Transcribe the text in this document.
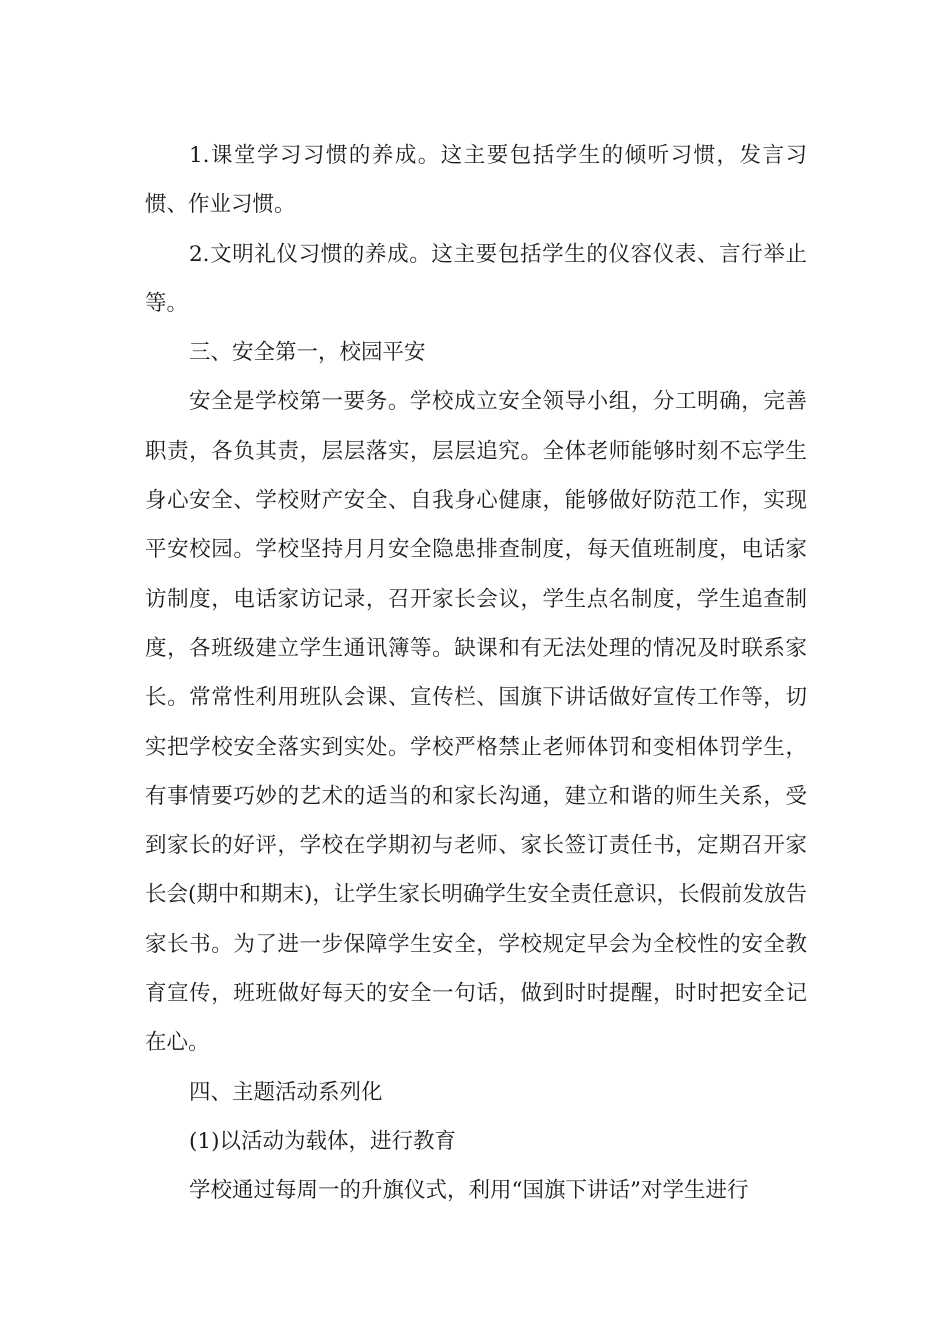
1.课堂学习习惯的养成。这主要包括学生的倾听习惯，发言习惯、作业习惯。

2.文明礼仪习惯的养成。这主要包括学生的仪容仪表、言行举止等。

三、安全第一，校园平安

安全是学校第一要务。学校成立安全领导小组，分工明确，完善职责，各负其责，层层落实，层层追究。全体老师能够时刻不忘学生身心安全、学校财产安全、自我身心健康，能够做好防范工作，实现平安校园。学校坚持月月安全隐患排查制度，每天值班制度，电话家访制度，电话家访记录，召开家长会议，学生点名制度，学生追查制度，各班级建立学生通讯簿等。缺课和有无法处理的情况及时联系家长。常常性利用班队会课、宣传栏、国旗下讲话做好宣传工作等，切实把学校安全落实到实处。学校严格禁止老师体罚和变相体罚学生，有事情要巧妙的艺术的适当的和家长沟通，建立和谐的师生关系，受到家长的好评，学校在学期初与老师、家长签订责任书，定期召开家长会(期中和期末)，让学生家长明确学生安全责任意识，长假前发放告家长书。为了进一步保障学生安全，学校规定早会为全校性的安全教育宣传，班班做好每天的安全一句话，做到时时提醒，时时把安全记在心。

四、主题活动系列化

(1)以活动为载体，进行教育

学校通过每周一的升旗仪式，利用“国旗下讲话”对学生进行
